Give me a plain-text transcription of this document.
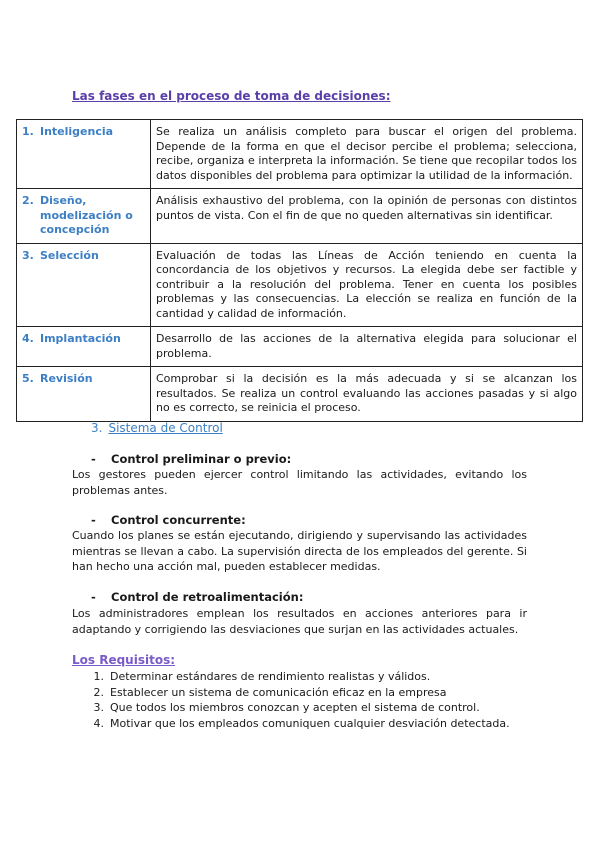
Las fases en el proceso de toma de decisiones:
1. Inteligencia	Se realiza un análisis completo para buscar el origen del problema. Depende de la forma en que el decisor percibe el problema; selecciona, recibe, organiza e interpreta la información. Se tiene que recopilar todos los datos disponibles del problema para optimizar la utilidad de la información.

2. Diseño, modelización o concepción	Análisis exhaustivo del problema, con la opinión de personas con distintos puntos de vista. Con el fin de que no queden alternativas sin identificar.

3. Selección	Evaluación de todas las Líneas de Acción teniendo en cuenta la concordancia de los objetivos y recursos. La elegida debe ser factible y contribuir a la resolución del problema. Tener en cuenta los posibles problemas y las consecuencias. La elección se realiza en función de la cantidad y calidad de información.

4. Implantación	Desarrollo de las acciones de la alternativa elegida para solucionar el problema.

5. Revisión	Comprobar si la decisión es la más adecuada y si se alcanzan los resultados. Se realiza un control evaluando las acciones pasadas y si algo no es correcto, se reinicia el proceso.
3. Sistema de Control
- Control preliminar o previo:
Los gestores pueden ejercer control limitando las actividades, evitando los problemas antes.
- Control concurrente:
Cuando los planes se están ejecutando, dirigiendo y supervisando las actividades mientras se llevan a cabo. La supervisión directa de los empleados del gerente. Si han hecho una acción mal, pueden establecer medidas.
- Control de retroalimentación:
Los administradores emplean los resultados en acciones anteriores para ir adaptando y corrigiendo las desviaciones que surjan en las actividades actuales.
Los Requisitos:
1. Determinar estándares de rendimiento realistas y válidos.
2. Establecer un sistema de comunicación eficaz en la empresa
3. Que todos los miembros conozcan y acepten el sistema de control.
4. Motivar que los empleados comuniquen cualquier desviación detectada.
